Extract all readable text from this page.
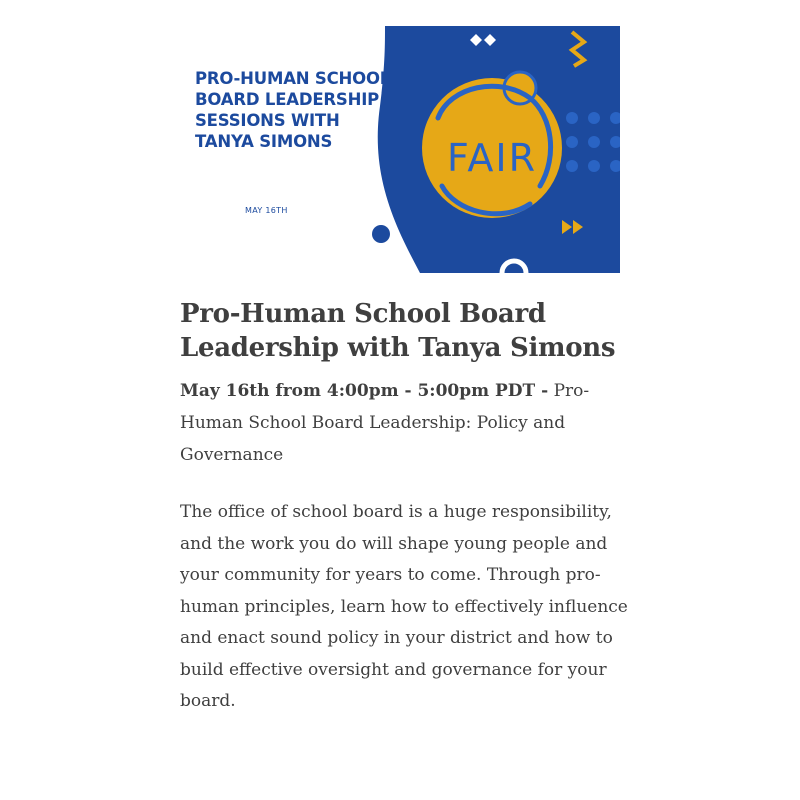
PRO-HUMAN SCHOOL BOARD LEADERSHIP SESSIONS WITH TANYA SIMONS
MAY 16TH
FAIR
Pro-Human School Board Leadership with Tanya Simons
May 16th from 4:00pm - 5:00pm PDT - Pro-Human School Board Leadership: Policy and Governance
The office of school board is a huge responsibility, and the work you do will shape young people and your community for years to come. Through pro-human principles, learn how to effectively influence and enact sound policy in your district and how to build effective oversight and governance for your board.
